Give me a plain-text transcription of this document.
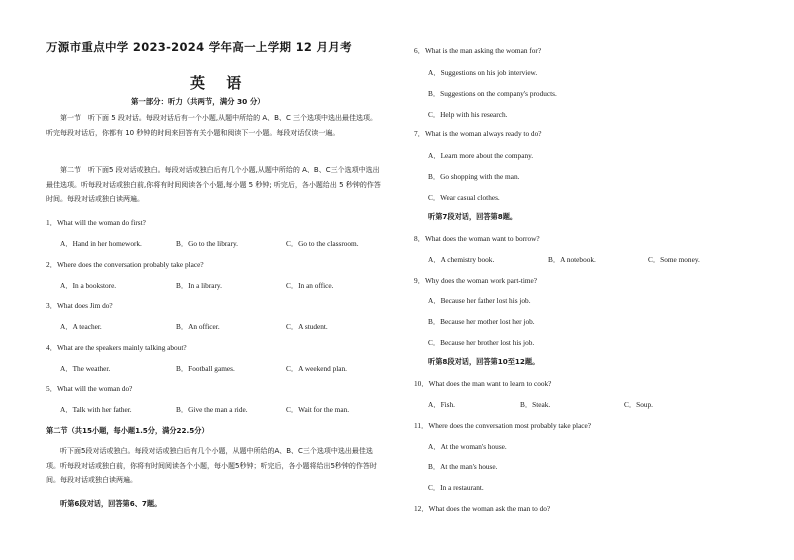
万源市重点中学 2023-2024 学年高一上学期 12 月月考
英 语
第一部分：听力（共两节，满分 30 分）
第一节　听下面 5 段对话。每段对话后有一个小题,从题中所给的 A、B、C 三个选项中选出最佳选项。听完每段对话后，你都有 10 秒钟的时间来回答有关小题和阅读下一小题。每段对话仅读一遍。
第二节　听下面5 段对话或独白。每段对话或独白后有几个小题,从题中所给的 A、B、C三个选项中选出最佳选项。听每段对话或独白前,你将有时间阅读各个小题,每小题 5 秒钟; 听完后，各小题给出 5 秒钟的作答时间。每段对话或独白读两遍。
1．What will the woman do first?
A．Hand in her homework.	B．Go to the library.	C．Go to the classroom.
2．Where does the conversation probably take place?
A．In a bookstore.	B．In a library.	C．In an office.
3．What does Jim do?
A．A teacher.	B．An officer.	C．A student.
4．What are the speakers mainly talking about?
A．The weather.	B．Football games.	C．A weekend plan.
5．What will the woman do?
A．Talk with her father.	B．Give the man a ride.	C．Wait for the man.
第二节（共15小题，每小题1.5分，满分22.5分）
听下面5段对话或独白。每段对话或独白后有几个小题，从题中所给的A、B、C三个选项中选出最佳选项。听每段对话或独白前，你将有时间阅读各个小题，每小题5秒钟；听完后，各小题将给出5秒钟的作答时间。每段对话或独白读两遍。
听第6段对话，回答第6、7题。
6．What is the man asking the woman for?
A．Suggestions on his job interview.
B．Suggestions on the company's products.
C．Help with his research.
7．What is the woman always ready to do?
A．Learn more about the company.
B．Go shopping with the man.
C．Wear casual clothes.
听第7段对话，回答第8题。
8．What does the woman want to borrow?
A．A chemistry book.	B．A notebook.	C．Some money.
9．Why does the woman work part-time?
A．Because her father lost his job.
B．Because her mother lost her job.
C．Because her brother lost his job.
听第8段对话，回答第10至12题。
10．What does the man want to learn to cook?
A．Fish.	B．Steak.	C．Soup.
11．Where does the conversation most probably take place?
A．At the woman's house.
B．At the man's house.
C．In a restaurant.
12．What does the woman ask the man to do?
